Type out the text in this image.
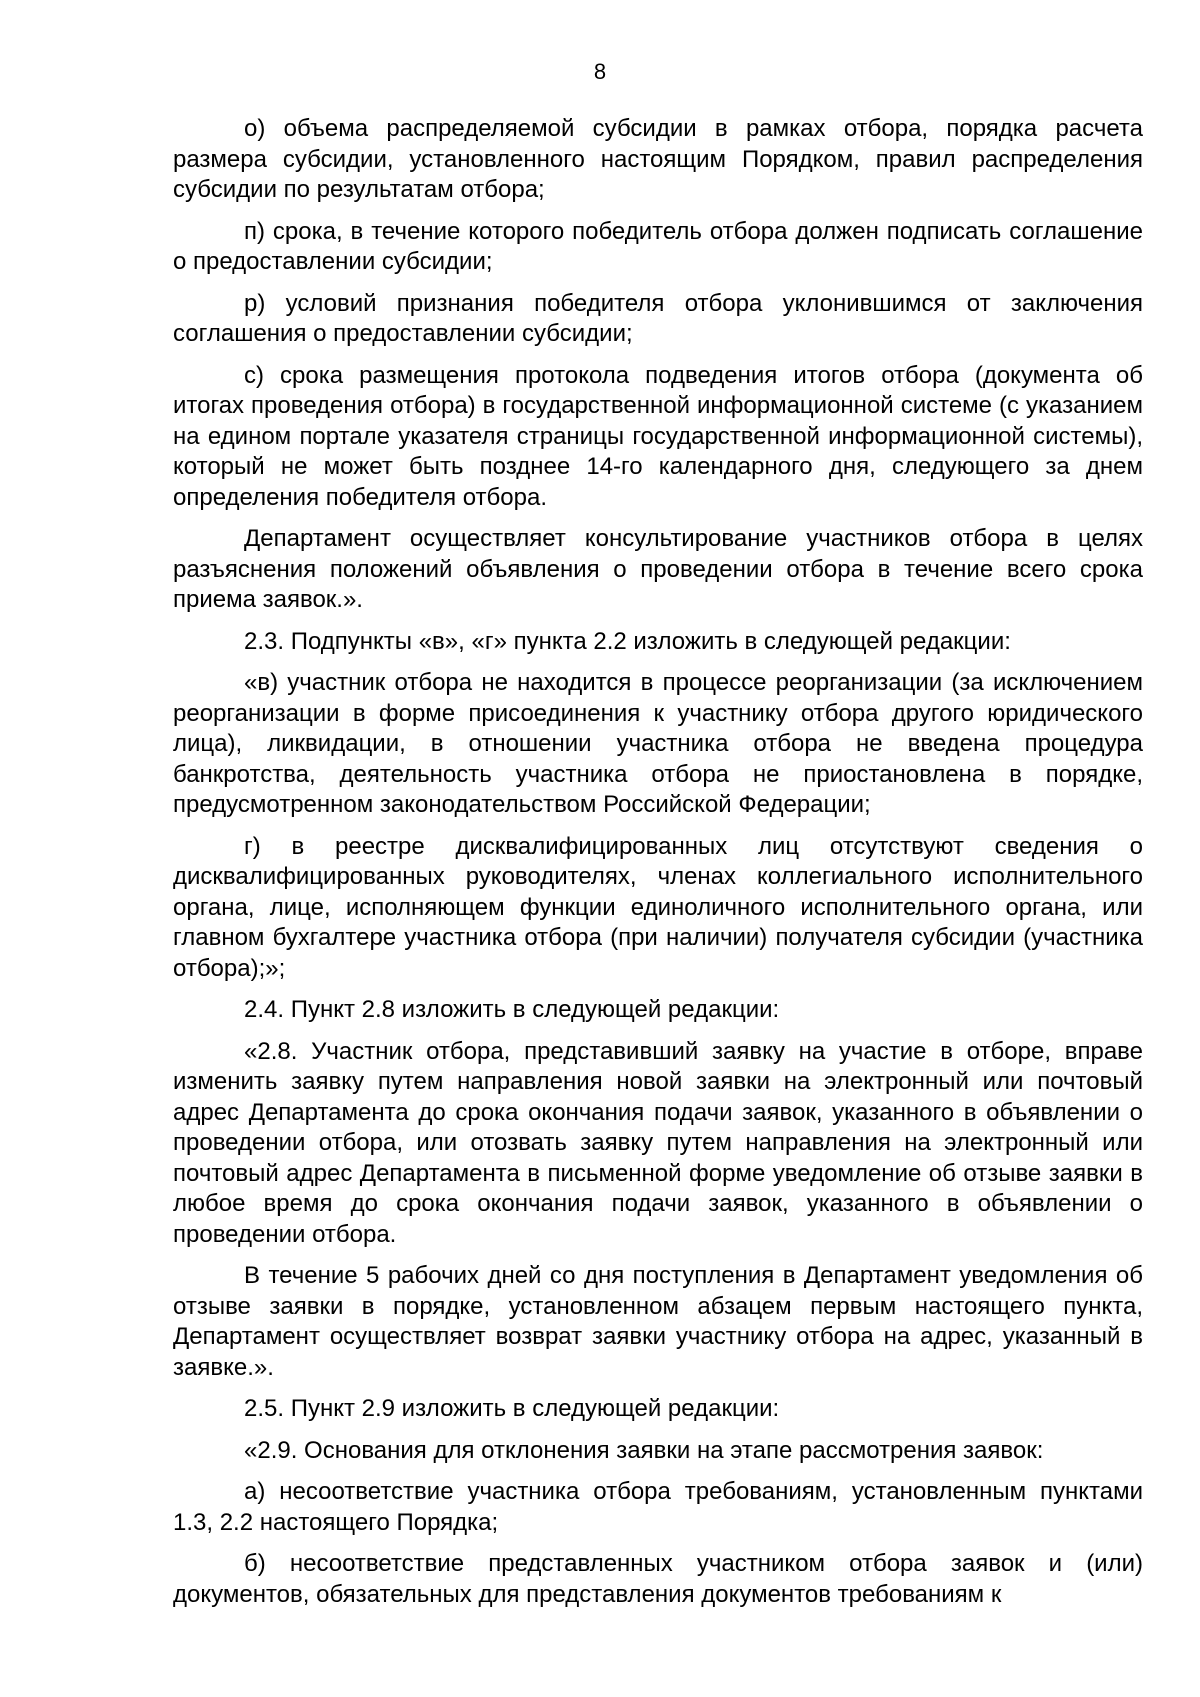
8

о) объема распределяемой субсидии в рамках отбора, порядка расчета размера субсидии, установленного настоящим Порядком, правил распределения субсидии по результатам отбора;

п) срока, в течение которого победитель отбора должен подписать соглашение о предоставлении субсидии;

р) условий признания победителя отбора уклонившимся от заключения соглашения о предоставлении субсидии;

с) срока размещения протокола подведения итогов отбора (документа об итогах проведения отбора) в государственной информационной системе (с указанием на едином портале указателя страницы государственной информационной системы), который не может быть позднее 14-го календарного дня, следующего за днем определения победителя отбора.

Департамент осуществляет консультирование участников отбора в целях разъяснения положений объявления о проведении отбора в течение всего срока приема заявок.».

2.3. Подпункты «в», «г» пункта 2.2 изложить в следующей редакции:

«в) участник отбора не находится в процессе реорганизации (за исключением реорганизации в форме присоединения к участнику отбора другого юридического лица), ликвидации, в отношении участника отбора не введена процедура банкротства, деятельность участника отбора не приостановлена в порядке, предусмотренном законодательством Российской Федерации;

г) в реестре дисквалифицированных лиц отсутствуют сведения о дисквалифицированных руководителях, членах коллегиального исполнительного органа, лице, исполняющем функции единоличного исполнительного органа, или главном бухгалтере участника отбора (при наличии) получателя субсидии (участника отбора);»;

2.4. Пункт 2.8 изложить в следующей редакции:

«2.8. Участник отбора, представивший заявку на участие в отборе, вправе изменить заявку путем направления новой заявки на электронный или почтовый адрес Департамента до срока окончания подачи заявок, указанного в объявлении о проведении отбора, или отозвать заявку путем направления на электронный или почтовый адрес Департамента в письменной форме уведомление об отзыве заявки в любое время до срока окончания подачи заявок, указанного в объявлении о проведении отбора.

В течение 5 рабочих дней со дня поступления в Департамент уведомления об отзыве заявки в порядке, установленном абзацем первым настоящего пункта, Департамент осуществляет возврат заявки участнику отбора на адрес, указанный в заявке.».

2.5. Пункт 2.9 изложить в следующей редакции:

«2.9. Основания для отклонения заявки на этапе рассмотрения заявок:

а) несоответствие участника отбора требованиям, установленным пунктами 1.3, 2.2 настоящего Порядка;

б) несоответствие представленных участником отбора заявок и (или) документов, обязательных для представления документов требованиям к
